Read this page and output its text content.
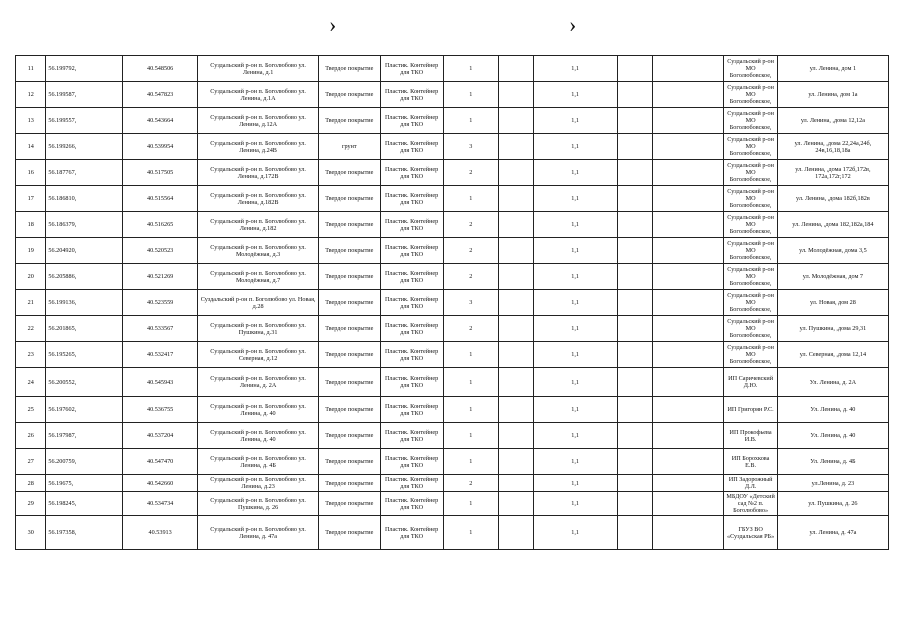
›	›
11	56.199792,	40.548506	Суздальский р-он п. Боголюбово ул. Ленина, д.1	Твердое покрытие	Пластик. Контейнер для ТКО	1		1,1			Суздальский р-он МО Боголюбовское,	ул. Ленина, дом 1
12	56.199587,	40.547823	Суздальский р-он п. Боголюбово ул. Ленина, д.1А	Твердое покрытие	Пластик. Контейнер для ТКО	1		1,1			Суздальский р-он МО Боголюбовское,	ул. Ленина, дом 1а
13	56.199557,	40.543664	Суздальский р-он п. Боголюбово ул. Ленина, д.12А	Твердое покрытие	Пластик. Контейнер для ТКО	1		1,1			Суздальский р-он МО Боголюбовское,	ул. Ленина, ,дома 12,12а
14	56.199266,	40.539954	Суздальский р-он п. Боголюбово ул. Ленина, д.24В	грунт	Пластик. Контейнер для ТКО	3		1,1			Суздальский р-он МО Боголюбовское,	ул. Ленина, ,дома 22,24а,24б, 24в,16,18,18а
16	56.187767,	40.517505	Суздальский р-он п. Боголюбово ул. Ленина, д.172В	Твердое покрытие	Пластик. Контейнер для ТКО	2		1,1			Суздальский р-он МО Боголюбовское,	ул. Ленина, ,дома 172б,172в, 172а,172г,172
17	56.186810,	40.515564	Суздальский р-он п. Боголюбово ул. Ленина, д.182В	Твердое покрытие	Пластик. Контейнер для ТКО	1		1,1			Суздальский р-он МО Боголюбовское,	ул. Ленина, ,дома 182б,182в
18	56.186379,	40.516265	Суздальский р-он п. Боголюбово ул. Ленина, д.182	Твердое покрытие	Пластик. Контейнер для ТКО	2		1,1			Суздальский р-он МО Боголюбовское,	ул. Ленина, ,дома 182,182а,184
19	56.204920,	40.520523	Суздальский р-он п. Боголюбово ул. Молодёжная, д.3	Твердое покрытие	Пластик. Контейнер для ТКО	2		1,1			Суздальский р-он МО Боголюбовское,	ул. Молодёжная, дома 3,5
20	56.205886,	40.521269	Суздальский р-он п. Боголюбово ул. Молодёжная, д.7	Твердое покрытие	Пластик. Контейнер для ТКО	2		1,1			Суздальский р-он МО Боголюбовское,	ул. Молодёжная, дом 7
21	56.199136,	40.523559	Суздальский р-он п. Боголюбово ул. Новая, д.28	Твердое покрытие	Пластик. Контейнер для ТКО	3		1,1			Суздальский р-он МО Боголюбовское,	ул. Новая, дом 28
22	56.201865,	40.533567	Суздальский р-он п. Боголюбово ул. Пушкина, д.31	Твердое покрытие	Пластик. Контейнер для ТКО	2		1,1			Суздальский р-он МО Боголюбовское,	ул. Пушкина, ,дома 29,31
23	56.195265,	40.532417	Суздальский р-он п. Боголюбово ул. Северная, д.12	Твердое покрытие	Пластик. Контейнер для ТКО	1		1,1			Суздальский р-он МО Боголюбовское,	ул. Северная, ,дома 12,14
24	56.200552,	40.545943	Суздальский р-он п. Боголюбово ул. Ленина, д. 2А	Твердое покрытие	Пластик. Контейнер для ТКО	1		1,1			ИП Саричевский Д.Ю.	Ул. Ленина, д. 2А
25	56.197602,	40.536755	Суздальский р-он п. Боголюбово ул. Ленина, д. 40	Твердое покрытие	Пластик. Контейнер для ТКО	1		1,1			ИП Григорян Р.С.	Ул. Ленина, д. 40
26	56.197987,	40.537204	Суздальский р-он п. Боголюбово ул. Ленина, д. 40	Твердое покрытие	Пластик. Контейнер для ТКО	1		1,1			ИП Прокофьева И.В.	Ул. Ленина, д. 40
27	56.200759,	40.547470	Суздальский р-он п. Боголюбово ул. Ленина, д. 4Б	Твердое покрытие	Пластик. Контейнер для ТКО	1		1,1			ИП Борохкова Е.В.	Ул. Ленина, д. 4Б
28	56.19675,	40.542660	Суздальский р-он п. Боголюбово ул. Ленина, д.23	Твердое покрытие	Пластик. Контейнер для ТКО	2		1,1			ИП Задорожный Д.Л.	ул.Ленина, д. 23
29	56.198245,	40.534734	Суздальский р-он п. Боголюбово ул. Пушкина, д. 26	Твердое покрытие	Пластик. Контейнер для ТКО	1		1,1			МБДОУ «Детский сад №2 п. Боголюбово»	ул. Пушкина, д. 26
30	56.197358,	40.53913	Суздальский р-он п. Боголюбово ул. Ленина, д. 47а	Твердое покрытие	Пластик. Контейнер для ТКО	1		1,1			ГБУЗ ВО «Суздальская РБ»	ул. Ленина, д. 47а
